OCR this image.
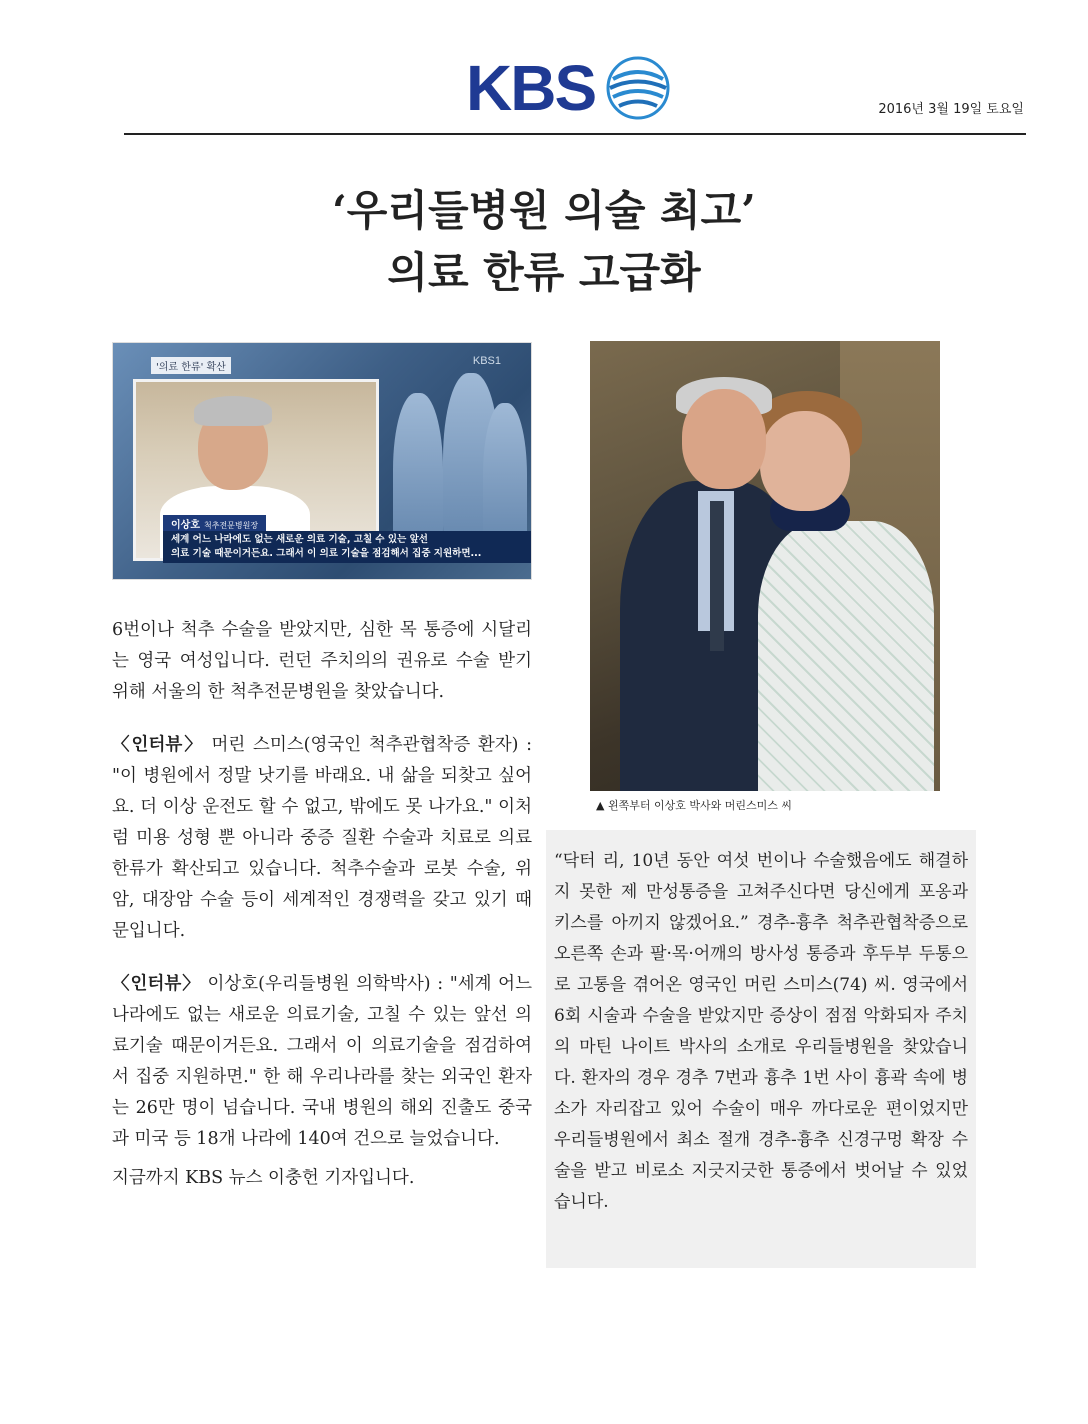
KBS	2016년 3월 19일 토요일
‘우리들병원 의술 최고’
의료 한류 고급화
'의료 한류' 확산
KBS1
이상호 척추전문병원장
세계 어느 나라에도 없는 새로운 의료 기술, 고칠 수 있는 앞선
의료 기술 때문이거든요. 그래서 이 의료 기술을 점검해서 집중 지원하면...
▲ 왼쪽부터 이상호 박사와 머린스미스 씨

6번이나 척추 수술을 받았지만, 심한 목 통증에 시달리는 영국 여성입니다. 런던 주치의의 권유로 수술 받기 위해 서울의 한 척추전문병원을 찾았습니다.

〈인터뷰〉 머린 스미스(영국인 척추관협착증 환자) : "이 병원에서 정말 낫기를 바래요. 내 삶을 되찾고 싶어요. 더 이상 운전도 할 수 없고, 밖에도 못 나가요." 이처럼 미용 성형 뿐 아니라 중증 질환 수술과 치료로 의료 한류가 확산되고 있습니다. 척추수술과 로봇 수술, 위암, 대장암 수술 등이 세계적인 경쟁력을 갖고 있기 때문입니다.

〈인터뷰〉 이상호(우리들병원 의학박사) : "세계 어느 나라에도 없는 새로운 의료기술, 고칠 수 있는 앞선 의료기술 때문이거든요. 그래서 이 의료기술을 점검하여서 집중 지원하면." 한 해 우리나라를 찾는 외국인 환자는 26만 명이 넘습니다. 국내 병원의 해외 진출도 중국과 미국 등 18개 나라에 140여 건으로 늘었습니다.

지금까지 KBS 뉴스 이충헌 기자입니다.

“닥터 리, 10년 동안 여섯 번이나 수술했음에도 해결하지 못한 제 만성통증을 고쳐주신다면 당신에게 포옹과 키스를 아끼지 않겠어요.” 경추-흉추 척추관협착증으로 오른쪽 손과 팔·목·어깨의 방사성 통증과 후두부 두통으로 고통을 겪어온 영국인 머린 스미스(74) 씨. 영국에서 6회 시술과 수술을 받았지만 증상이 점점 악화되자 주치의 마틴 나이트 박사의 소개로 우리들병원을 찾았습니다. 환자의 경우 경추 7번과 흉추 1번 사이 흉곽 속에 병소가 자리잡고 있어 수술이 매우 까다로운 편이었지만 우리들병원에서 최소 절개 경추-흉추 신경구멍 확장 수술을 받고 비로소 지긋지긋한 통증에서 벗어날 수 있었습니다.
